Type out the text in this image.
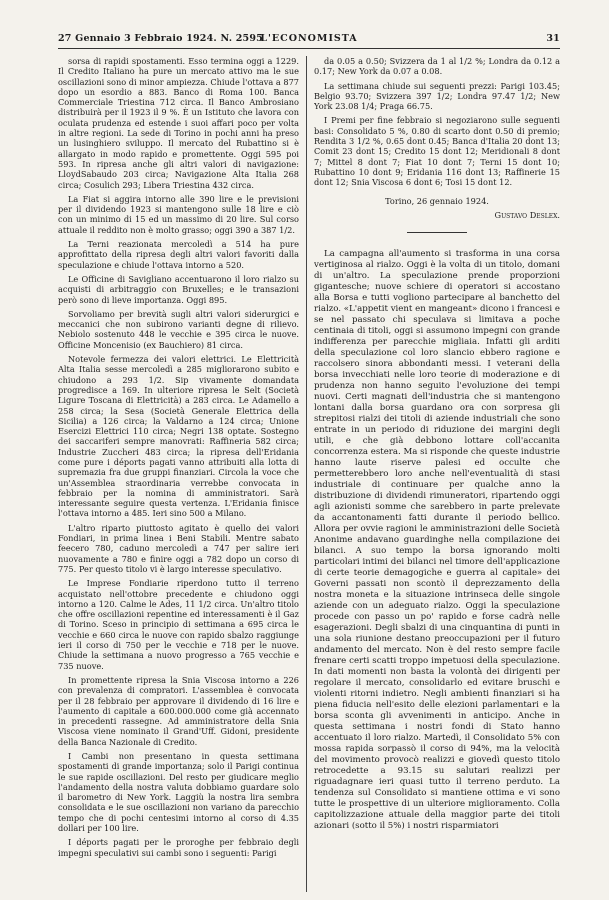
27 Gennaio 3 Febbraio 1924. N. 2595
L'ECONOMISTA	31

sorsa di rapidi spostamenti. Esso termina oggi a 1229. Il Credito Italiano ha pure un mercato attivo ma le sue oscillazioni sono di minor ampiezza. Chiude l'ottava a 877 dopo un esordio a 883. Banco di Roma 100. Banca Commerciale Triestina 712 circa. Il Banco Ambrosiano distribuirà per il 1923 il 9 %. È un Istituto che lavora con oculata prudenza ed estende i suoi affari poco per volta in altre regioni. La sede di Torino in pochi anni ha preso un lusinghiero sviluppo. Il mercato del Rubattino si è allargato in modo rapido e promettente. Oggi 595 poi 593. In ripresa anche gli altri valori di navigazione: LloydSabaudo 203 circa; Navigazione Alta Italia 268 circa; Cosulich 293; Libera Triestina 432 circa.

La Fiat si aggira intorno alle 390 lire e le previsioni per il dividendo 1923 si mantengono sulle 18 lire e ciò con un minimo di 15 ed un massimo di 20 lire. Sul corso attuale il reddito non è molto grasso; oggi 390 a 387 1/2.

La Terni reazionata mercoledì a 514 ha pure approfittato della ripresa degli altri valori favoriti dalla speculazione e chiude l'ottava intorno a 520.

Le Officine di Savigliano accentuarono il loro rialzo su acquisti di arbitraggio con Bruxelles; e le transazioni però sono di lieve importanza. Oggi 895.

Sorvoliamo per brevità sugli altri valori siderurgici e meccanici che non subirono varianti degne di rilievo. Nebiolo sostenuto 448 le vecchie e 395 circa le nuove. Officine Moncenisio (ex Bauchiero) 81 circa.

Notevole fermezza dei valori elettrici. Le Elettricità Alta Italia sesse mercoledì a 285 migliorarono subito e chiudono a 293 1/2. Sip vivamente domandata progredisce a 169. In ulteriore ripresa le Selt (Società Ligure Toscana di Elettricità) a 283 circa. Le Adamello a 258 circa; la Sesa (Società Generale Elettrica della Sicilia) a 126 circa; la Valdarno a 124 circa; Unione Esercizi Elettrici 110 circa; Negri 138 optate. Sostegno dei saccariferi sempre manovrati: Raffineria 582 circa; Industrie Zuccheri 483 circa; la ripresa dell'Eridania come pure i déports pagati vanno attribuiti alla lotta di supremazia fra due gruppi finanziari. Circola la voce che un'Assemblea straordinaria verrebbe convocata in febbraio per la nomina di amministratori. Sarà interessante seguire questa vertenza. L'Eridania finisce l'ottava intorno a 485. Ieri sino 500 a Milano.

L'altro riparto piuttosto agitato è quello dei valori Fondiari, in prima linea i Beni Stabili. Mentre sabato feecero 780, caduno mercoledì a 747 per salire ieri nuovamente a 780 e finire oggi a 782 dopo un corso di 775. Per questo titolo vi è largo interesse speculativo.

Le Imprese Fondiarie riperdono tutto il terreno acquistato nell'ottobre precedente e chiudono oggi intorno a 120. Calme le Ades, 11 1/2 circa. Un'altro titolo che offre oscillazioni repentine ed interessamenti è il Gaz di Torino. Sceso in principio di settimana a 695 circa le vecchie e 660 circa le nuove con rapido sbalzo raggiunge ieri il corso di 750 per le vecchie e 718 per le nuove. Chiude la settimana a nuovo progresso a 765 vecchie e 735 nuove.

In promettente ripresa la Snia Viscosa intorno a 226 con prevalenza di compratori. L'assemblea è convocata per il 28 febbraio per approvare il dividendo di 16 lire e l'aumento di capitale a 600.000.000 come già accennato in precedenti rassegne. Ad amministratore della Snia Viscosa viene nominato il Grand'Uff. Gidoni, presidente della Banca Nazionale di Credito.

I Cambi non presentano in questa settimana spostamenti di grande importanza; solo il Parigi continua le sue rapide oscillazioni. Del resto per giudicare meglio l'andamento della nostra valuta dobbiamo guardare solo il barometro di New York. Laggiù la nostra lira sembra consolidata e le sue oscillazioni non variano da parecchio tempo che di pochi centesimi intorno al corso di 4.35 dollari per 100 lire.

I déports pagati per le proroghe per febbraio degli impegni speculativi sui cambi sono i seguenti: Parigi

da 0.05 a 0.50; Svizzera da 1 al 1/2 %; Londra da 0.12 a 0.17; New York da 0.07 a 0.08.

La settimana chiude sui seguenti prezzi: Parigi 103.45; Belgio 93.70; Svizzera 397 1/2; Londra 97.47 1/2; New York 23.08 1/4; Praga 66.75.

I Premi per fine febbraio si negoziarono sulle seguenti basi: Consolidato 5 %, 0.80 di scarto dont 0.50 di premio; Rendita 3 1/2 %, 0.65 dont 0.45; Banca d'Italia 20 dont 13; Comit 23 dont 15; Credito 15 dont 12; Meridionali 8 dont 7; Mittel 8 dont 7; Fiat 10 dont 7; Terni 15 dont 10; Rubattino 10 dont 9; Eridania 116 dont 13; Raffinerie 15 dont 12; Snia Viscosa 6 dont 6; Tosi 15 dont 12.

Torino, 26 gennaio 1924.

Gustavo Deslex.

La campagna all'aumento si trasforma in una corsa vertiginosa al rialzo. Oggi è la volta di un titolo, domani di un'altro. La speculazione prende proporzioni gigantesche; nuove schiere di operatori si accostano alla Borsa e tutti vogliono partecipare al banchetto del rialzo. «L'appetit vient en mangeant» dicono i francesi e se nel passato chi speculava si limitava a poche centinaia di titoli, oggi si assumono impegni con grande indifferenza per parecchie migliaia. Infatti gli arditi della speculazione col loro slancio ebbero ragione e raccolsero sinora abbondanti messi. I veterani della borsa invecchiati nelle loro teorie di moderazione e di prudenza non hanno seguito l'evoluzione dei tempi nuovi. Certi magnati dell'industria che si mantengono lontani dalla borsa guardano ora con sorpresa gli strepitosi rialzi dei titoli di aziende industriali che sono entrate in un periodo di riduzione dei margini degli utili, e che già debbono lottare coll'accanita concorrenza estera. Ma si risponde che queste industrie hanno laute riserve palesi ed occulte che permetterebbero loro anche nell'eventualità di stasi industriale di continuare per qualche anno la distribuzione di dividendi rimuneratori, ripartendo oggi agli azionisti somme che sarebbero in parte prelevate da accantonamenti fatti durante il periodo bellico. Allora per ovvie ragioni le amministrazioni delle Società Anonime andavano guardinghe nella compilazione dei bilanci. A suo tempo la borsa ignorando molti particolari intimi dei bilanci nel timore dell'applicazione di certe teorie demagogiche e guerra al capitale» dei Governi passati non scontò il deprezzamento della nostra moneta e la situazione intrinseca delle singole aziende con un adeguato rialzo. Oggi la speculazione procede con passo un po' rapido e forse cadrà nelle esagerazioni. Degli sbalzi di una cinquantina di punti in una sola riunione destano preoccupazioni per il futuro andamento del mercato. Non è del resto sempre facile frenare certi scatti troppo impetuosi della speculazione. In dati momenti non basta la volontà dei dirigenti per regolare il mercato, consolidarlo ed evitare bruschi e violenti ritorni indietro. Negli ambienti finanziari si ha piena fiducia nell'esito delle elezioni parlamentari e la borsa sconta gli avvenimenti in anticipo. Anche in questa settimana i nostri fondi di Stato hanno accentuato il loro rialzo. Martedì, il Consolidato 5% con mossa rapida sorpassò il corso di 94%, ma la velocità del movimento provocò realizzi e giovedì questo titolo retrocedette a 93.15 su salutari realizzi per riguadagnare ieri quasi tutto il terreno perduto. La tendenza sul Consolidato si mantiene ottima e vi sono tutte le prospettive di un ulteriore miglioramento. Colla capitolizzazione attuale della maggior parte dei titoli azionari (sotto il 5%) i nostri risparmiatori
